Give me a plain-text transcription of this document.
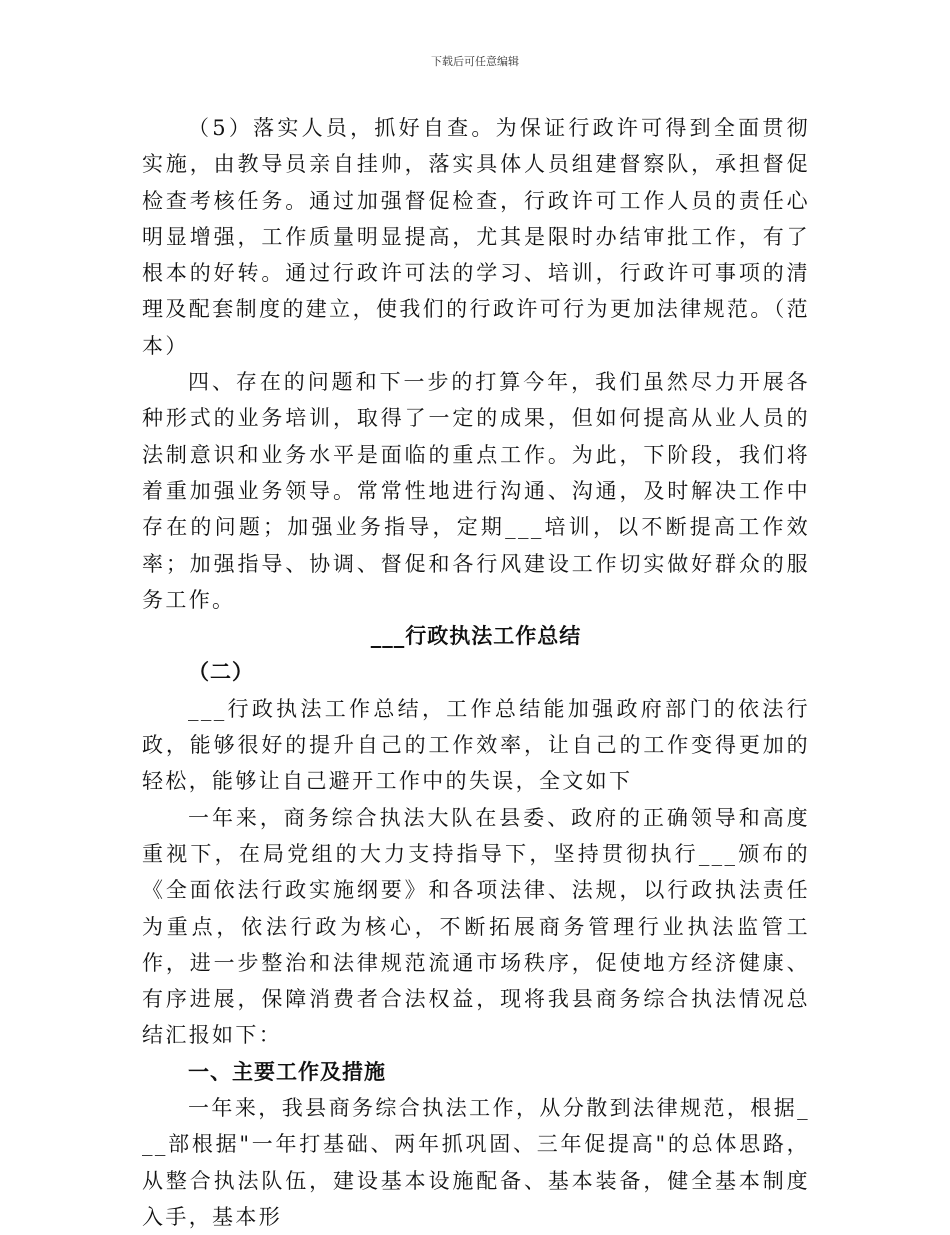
下载后可任意编辑

（5）落实人员，抓好自查。为保证行政许可得到全面贯彻实施，由教导员亲自挂帅，落实具体人员组建督察队，承担督促检查考核任务。通过加强督促检查，行政许可工作人员的责任心明显增强，工作质量明显提高，尤其是限时办结审批工作，有了根本的好转。通过行政许可法的学习、培训，行政许可事项的清理及配套制度的建立，使我们的行政许可行为更加法律规范。（范本）

四、存在的问题和下一步的打算今年，我们虽然尽力开展各种形式的业务培训，取得了一定的成果，但如何提高从业人员的法制意识和业务水平是面临的重点工作。为此，下阶段，我们将着重加强业务领导。常常性地进行沟通、沟通，及时解决工作中存在的问题；加强业务指导，定期___培训，以不断提高工作效率；加强指导、协调、督促和各行风建设工作切实做好群众的服务工作。

___行政执法工作总结

（二）

___行政执法工作总结，工作总结能加强政府部门的依法行政，能够很好的提升自己的工作效率，让自己的工作变得更加的轻松，能够让自己避开工作中的失误，全文如下

一年来，商务综合执法大队在县委、政府的正确领导和高度重视下，在局党组的大力支持指导下，坚持贯彻执行___颁布的《全面依法行政实施纲要》和各项法律、法规，以行政执法责任为重点，依法行政为核心，不断拓展商务管理行业执法监管工作，进一步整治和法律规范流通市场秩序，促使地方经济健康、有序进展，保障消费者合法权益，现将我县商务综合执法情况总结汇报如下：

一、主要工作及措施

一年来，我县商务综合执法工作，从分散到法律规范，根据___部根据"一年打基础、两年抓巩固、三年促提高"的总体思路，从整合执法队伍，建设基本设施配备、基本装备，健全基本制度入手，基本形
